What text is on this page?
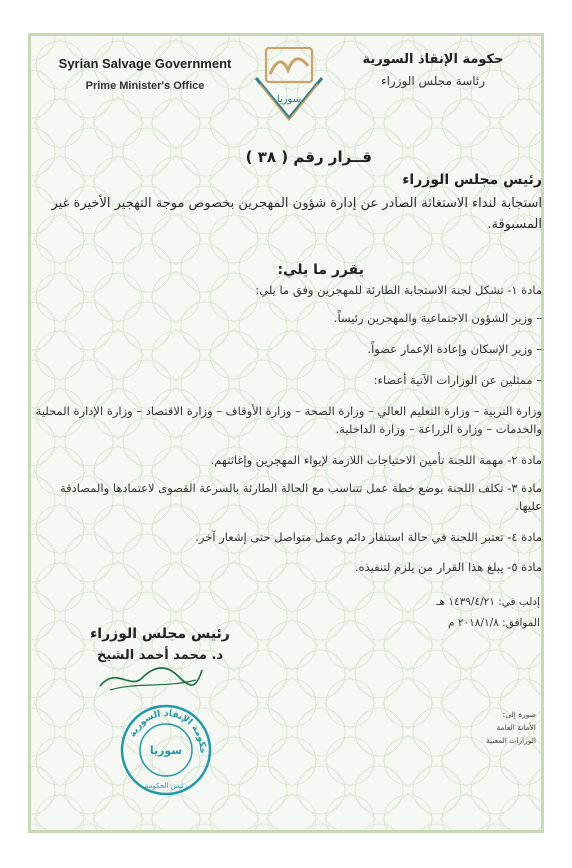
Syrian Salvage Government
Prime Minister's Office
سوريا
حكومة الإنقاذ السورية
رئاسة مجلس الوزراء
قــرار رقم ( ٣٨ )
رئيس مجلس الوزراء
استجابة لنداء الاستغاثة الصادر عن إدارة شؤون المهجرين بخصوص موجة التهجير الأخيرة غير المسبوقة.
يقرر ما يلي:
مادة ١- تشكل لجنة الاستجابة الطارئة للمهجرين وفق ما يلي:
– وزير الشؤون الاجتماعية والمهجرين رئيساً.
– وزير الإسكان وإعادة الإعمار عضواً.
– ممثلين عن الوزارات الآتية أعضاء:
وزارة التربية – وزارة التعليم العالي – وزارة الصحة – وزارة الأوقاف – وزارة الاقتصاد – وزارة الإدارة المحلية والخدمات – وزارة الزراعة – وزارة الداخلية.
مادة ٢- مهمة اللجنة تأمين الاحتياجات اللازمة لإيواء المهجرين وإغاثتهم.
مادة ٣- تكلف اللجنة بوضع خطة عمل تتناسب مع الحالة الطارئة بالسرعة القصوى لاعتمادها والمصادقة عليها.
مادة ٤- تعتبر اللجنة في حالة استنفار دائم وعمل متواصل حتى إشعار آخر.
مادة ٥- يبلغ هذا القرار من يلزم لتنفيذه.
إدلب في: ١٤٣٩/٤/٢١ هـ
الموافق: ٢٠١٨/١/٨ م
رئيس مجلس الوزراء
د. محمد أحمد الشيخ
حكومة الإنقاذ السورية
سوريا
رئيس الحكومة
صورة إلى:
الأمانة العامة
الوزارات المعنية
